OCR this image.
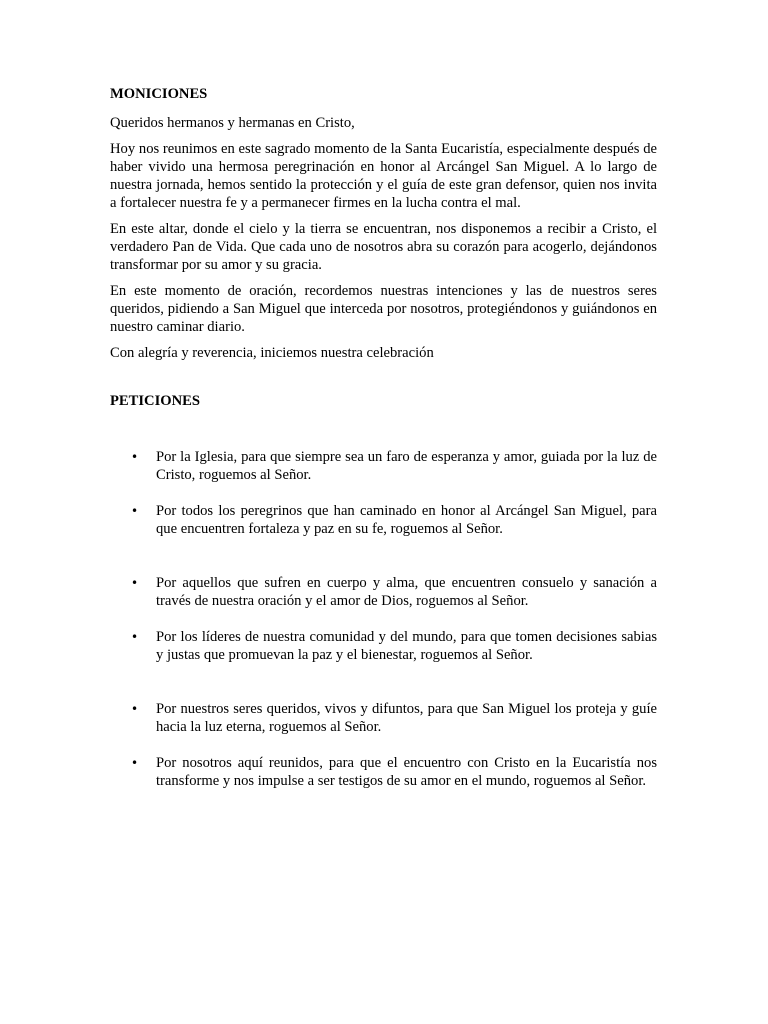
MONICIONES

Queridos hermanos y hermanas en Cristo,

Hoy nos reunimos en este sagrado momento de la Santa Eucaristía, especialmente después de haber vivido una hermosa peregrinación en honor al Arcángel San Miguel. A lo largo de nuestra jornada, hemos sentido la protección y el guía de este gran defensor, quien nos invita a fortalecer nuestra fe y a permanecer firmes en la lucha contra el mal.

En este altar, donde el cielo y la tierra se encuentran, nos disponemos a recibir a Cristo, el verdadero Pan de Vida. Que cada uno de nosotros abra su corazón para acogerlo, dejándonos transformar por su amor y su gracia.

En este momento de oración, recordemos nuestras intenciones y las de nuestros seres queridos, pidiendo a San Miguel que interceda por nosotros, protegiéndonos y guiándonos en nuestro caminar diario.

Con alegría y reverencia, iniciemos nuestra celebración

PETICIONES

• Por la Iglesia, para que siempre sea un faro de esperanza y amor, guiada por la luz de Cristo, roguemos al Señor.
• Por todos los peregrinos que han caminado en honor al Arcángel San Miguel, para que encuentren fortaleza y paz en su fe, roguemos al Señor.
• Por aquellos que sufren en cuerpo y alma, que encuentren consuelo y sanación a través de nuestra oración y el amor de Dios, roguemos al Señor.
• Por los líderes de nuestra comunidad y del mundo, para que tomen decisiones sabias y justas que promuevan la paz y el bienestar, roguemos al Señor.
• Por nuestros seres queridos, vivos y difuntos, para que San Miguel los proteja y guíe hacia la luz eterna, roguemos al Señor.
• Por nosotros aquí reunidos, para que el encuentro con Cristo en la Eucaristía nos transforme y nos impulse a ser testigos de su amor en el mundo, roguemos al Señor.
